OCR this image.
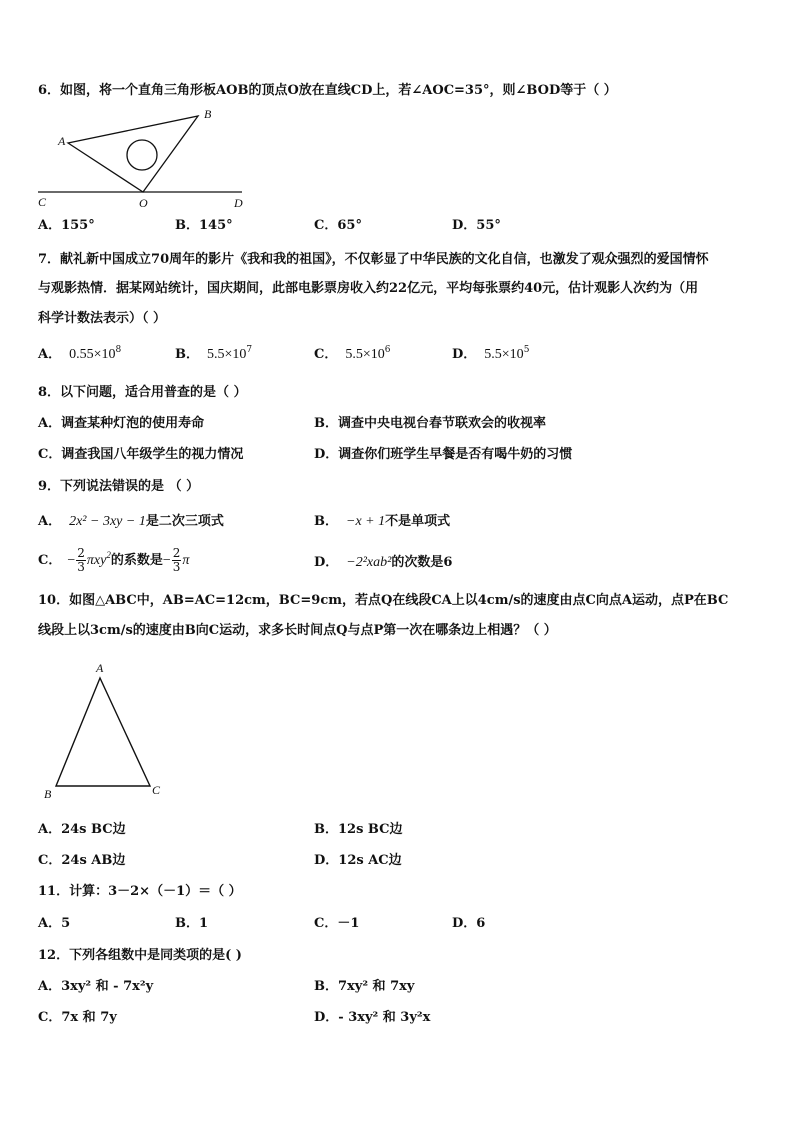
6．如图，将一个直角三角形板AOB的顶点O放在直线CD上，若∠AOC=35°，则∠BOD等于（ ）
A
B
C	O	D
A．155°	B．145°	C．65°	D．55°
7．献礼新中国成立70周年的影片《我和我的祖国》，不仅彰显了中华民族的文化自信，也激发了观众强烈的爱国情怀
与观影热情．据某网站统计，国庆期间，此部电影票房收入约22亿元，平均每张票约40元，估计观影人次约为（用
科学计数法表示）（ ）
A． $0.55\times 10^8$	B． $5.5\times 10^7$	C． $5.5\times 10^6$	D． $5.5\times 10^5$
8．以下问题，适合用普查的是（ ）
A．调查某种灯泡的使用寿命	B．调查中央电视台春节联欢会的收视率
C．调查我国八年级学生的视力情况	D．调查你们班学生早餐是否有喝牛奶的习惯
9．下列说法错误的是 （ ）
A． 2x² − 3xy − 1是二次三项式	B． −x + 1不是单项式
C． − $\frac{2}{3} \pi xy^2$的系数是− $\frac{2}{3}$ π	D． −2²xab²的次数是6
10．如图△ABC中，AB=AC=12cm，BC=9cm，若点Q在线段CA上以4cm/s的速度由点C向点A运动，点P在BC
线段上以3cm/s的速度由B向C运动，求多长时间点Q与点P第一次在哪条边上相遇？（ ）
A
B	C
A．24s BC边	B．12s BC边
C．24s AB边	D．12s AC边
11．计算：3－2×（－1）＝（ ）
A．5	B．1	C．－1	D．6
12．下列各组数中是同类项的是( )
A．3xy² 和 - 7x²y	B．7xy² 和 7xy
C．7x 和 7y	D．- 3xy² 和 3y²x
